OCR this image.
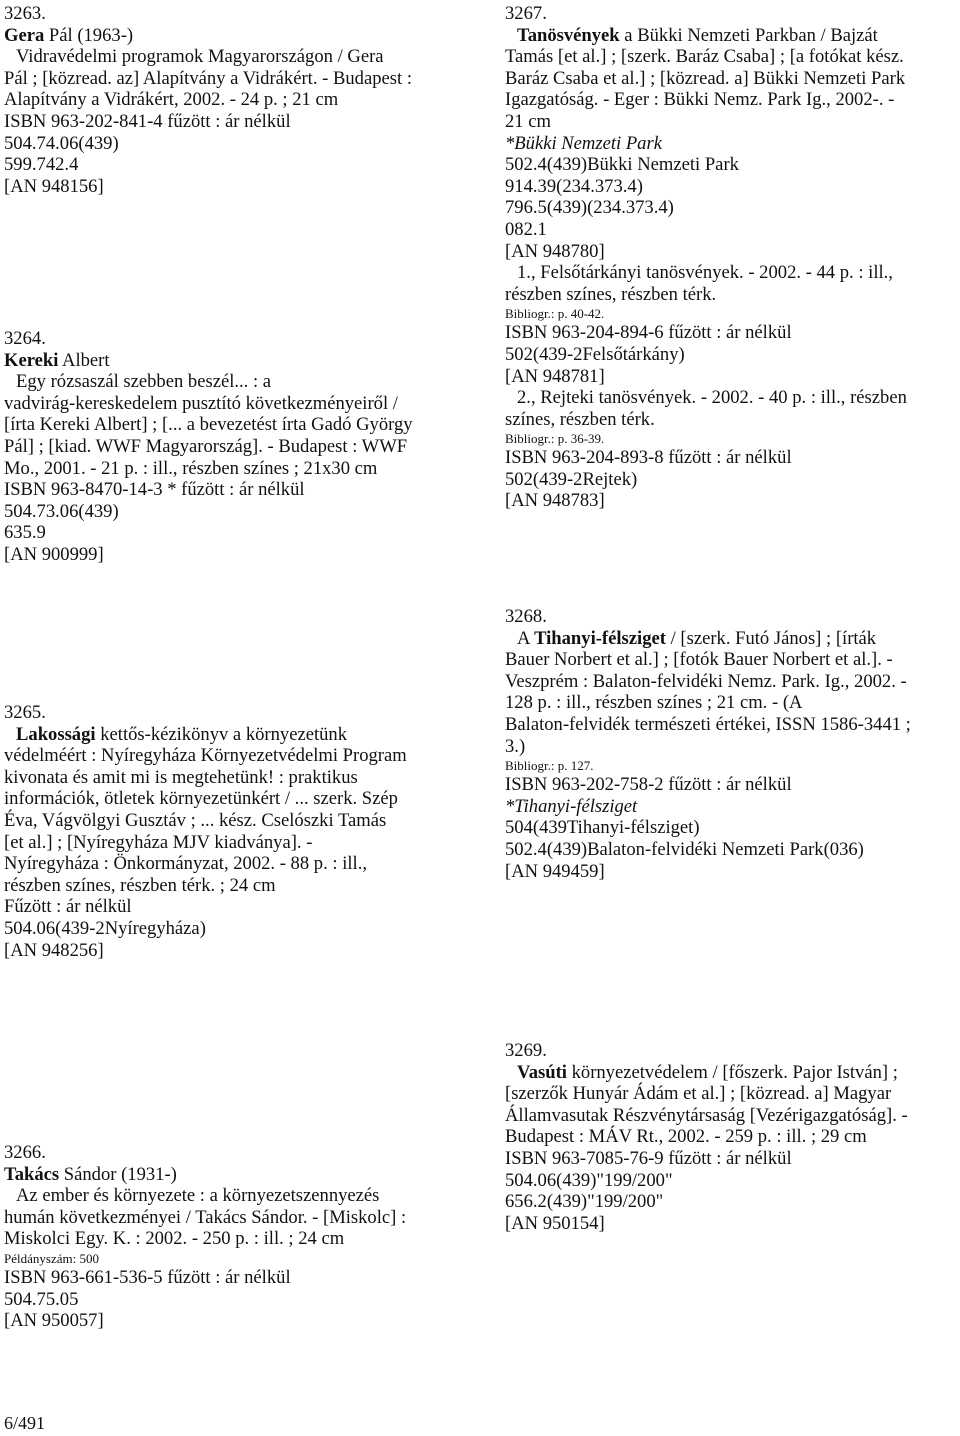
3263.
Gera Pál (1963-)
Vidravédelmi programok Magyarországon / Gera
Pál ; [közread. az] Alapítvány a Vidrákért. - Budapest :
Alapítvány a Vidrákért, 2002. - 24 p. ; 21 cm
ISBN 963-202-841-4 fűzött : ár nélkül
504.74.06(439)
599.742.4
[AN 948156]
3264.
Kereki Albert
Egy rózsaszál szebben beszél... : a
vadvirág-kereskedelem pusztító következményeiről /
[írta Kereki Albert] ; [... a bevezetést írta Gadó György
Pál] ; [kiad. WWF Magyarország]. - Budapest : WWF
Mo., 2001. - 21 p. : ill., részben színes ; 21x30 cm
ISBN 963-8470-14-3 * fűzött : ár nélkül
504.73.06(439)
635.9
[AN 900999]
3265.
Lakossági kettős-kézikönyv a környezetünk
védelméért : Nyíregyháza Környezetvédelmi Program
kivonata és amit mi is megtehetünk! : praktikus
információk, ötletek környezetünkért / ... szerk. Szép
Éva, Vágvölgyi Gusztáv ; ... kész. Cselószki Tamás
[et al.] ; [Nyíregyháza MJV kiadványa]. -
Nyíregyháza : Önkormányzat, 2002. - 88 p. : ill.,
részben színes, részben térk. ; 24 cm
Fűzött : ár nélkül
504.06(439-2Nyíregyháza)
[AN 948256]
3266.
Takács Sándor (1931-)
Az ember és környezete : a környezetszennyezés
humán következményei / Takács Sándor. - [Miskolc] :
Miskolci Egy. K. : 2002. - 250 p. : ill. ; 24 cm
Példányszám: 500
ISBN 963-661-536-5 fűzött : ár nélkül
504.75.05
[AN 950057]
3267.
Tanösvények a Bükki Nemzeti Parkban / Bajzát
Tamás [et al.] ; [szerk. Baráz Csaba] ; [a fotókat kész.
Baráz Csaba et al.] ; [közread. a] Bükki Nemzeti Park
Igazgatóság. - Eger : Bükki Nemz. Park Ig., 2002-. -
21 cm
*Bükki Nemzeti Park
502.4(439)Bükki Nemzeti Park
914.39(234.373.4)
796.5(439)(234.373.4)
082.1
[AN 948780]
1., Felsőtárkányi tanösvények. - 2002. - 44 p. : ill.,
részben színes, részben térk.
Bibliogr.: p. 40-42.
ISBN 963-204-894-6 fűzött : ár nélkül
502(439-2Felsőtárkány)
[AN 948781]
2., Rejteki tanösvények. - 2002. - 40 p. : ill., részben
színes, részben térk.
Bibliogr.: p. 36-39.
ISBN 963-204-893-8 fűzött : ár nélkül
502(439-2Rejtek)
[AN 948783]
3268.
A Tihanyi-félsziget / [szerk. Futó János] ; [írták
Bauer Norbert et al.] ; [fotók Bauer Norbert et al.]. -
Veszprém : Balaton-felvidéki Nemz. Park. Ig., 2002. -
128 p. : ill., részben színes ; 21 cm. - (A
Balaton-felvidék természeti értékei, ISSN 1586-3441 ;
3.)
Bibliogr.: p. 127.
ISBN 963-202-758-2 fűzött : ár nélkül
*Tihanyi-félsziget
504(439Tihanyi-félsziget)
502.4(439)Balaton-felvidéki Nemzeti Park(036)
[AN 949459]
3269.
Vasúti környezetvédelem / [főszerk. Pajor István] ;
[szerzők Hunyár Ádám et al.] ; [közread. a] Magyar
Államvasutak Részvénytársaság [Vezérigazgatóság]. -
Budapest : MÁV Rt., 2002. - 259 p. : ill. ; 29 cm
ISBN 963-7085-76-9 fűzött : ár nélkül
504.06(439)"199/200"
656.2(439)"199/200"
[AN 950154]
6/491
